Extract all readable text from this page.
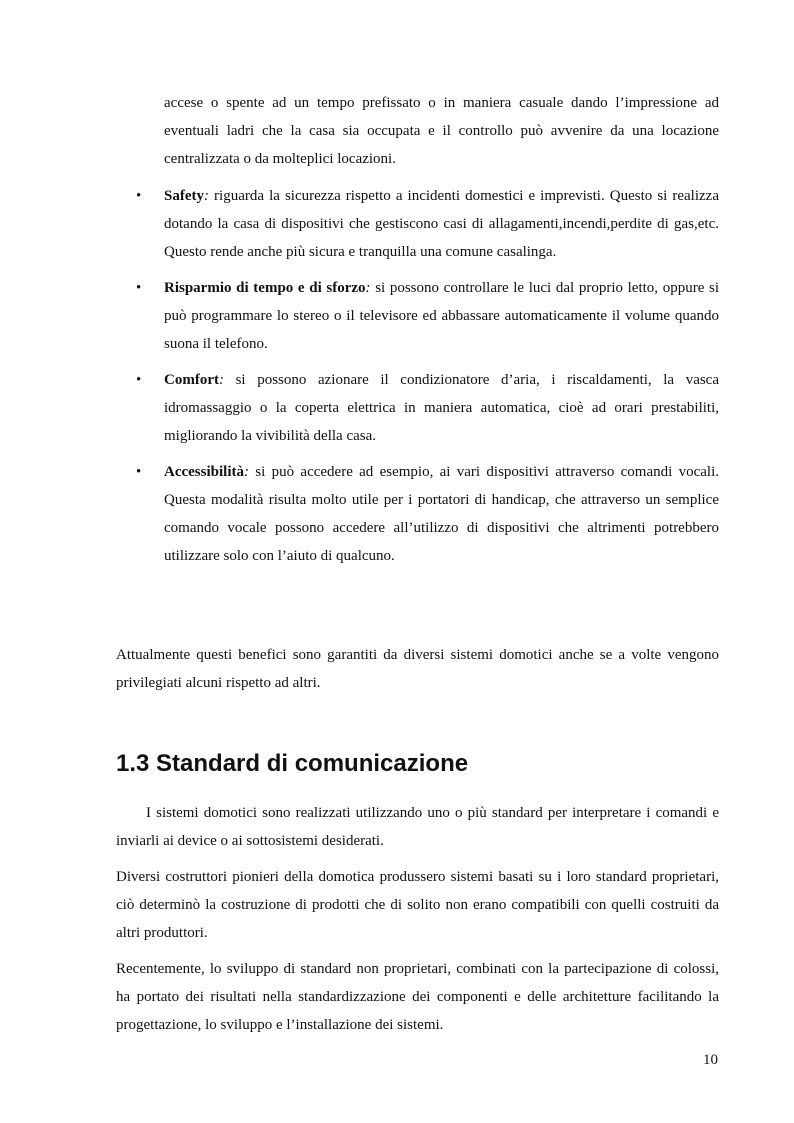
accese o spente ad un tempo prefissato o in maniera casuale dando l’impressione ad eventuali ladri che la casa sia occupata e il controllo può avvenire da una locazione centralizzata o da molteplici locazioni.
• Safety: riguarda la sicurezza rispetto a incidenti domestici e imprevisti. Questo si realizza dotando la casa di dispositivi che gestiscono casi di allagamenti,incendi,perdite di gas,etc. Questo rende anche più sicura e tranquilla una comune casalinga.
• Risparmio di tempo e di sforzo: si possono controllare le luci dal proprio letto, oppure si può programmare lo stereo o il televisore ed abbassare automaticamente il volume quando suona il telefono.
• Comfort: si possono azionare il condizionatore d’aria, i riscaldamenti, la vasca idromassaggio o la coperta elettrica in maniera automatica, cioè ad orari prestabiliti, migliorando la vivibilità della casa.
• Accessibilità: si può accedere ad esempio, ai vari dispositivi attraverso comandi vocali. Questa modalità risulta molto utile per i portatori di handicap, che attraverso un semplice comando vocale possono accedere all’utilizzo di dispositivi che altrimenti potrebbero utilizzare solo con l’aiuto di qualcuno.
Attualmente questi benefici sono garantiti da diversi sistemi domotici anche se a volte vengono privilegiati alcuni rispetto ad altri.
1.3 Standard di comunicazione

I sistemi domotici sono realizzati utilizzando uno o più standard per interpretare i comandi e inviarli ai device o ai sottosistemi desiderati.

Diversi costruttori pionieri della domotica produssero sistemi basati su i loro standard proprietari, ciò determinò la costruzione di prodotti che di solito non erano compatibili con quelli costruiti da altri produttori.

Recentemente, lo sviluppo di standard non proprietari, combinati con la partecipazione di colossi, ha portato dei risultati nella standardizzazione dei componenti e delle architetture facilitando la progettazione, lo sviluppo e l’installazione dei sistemi.

10
